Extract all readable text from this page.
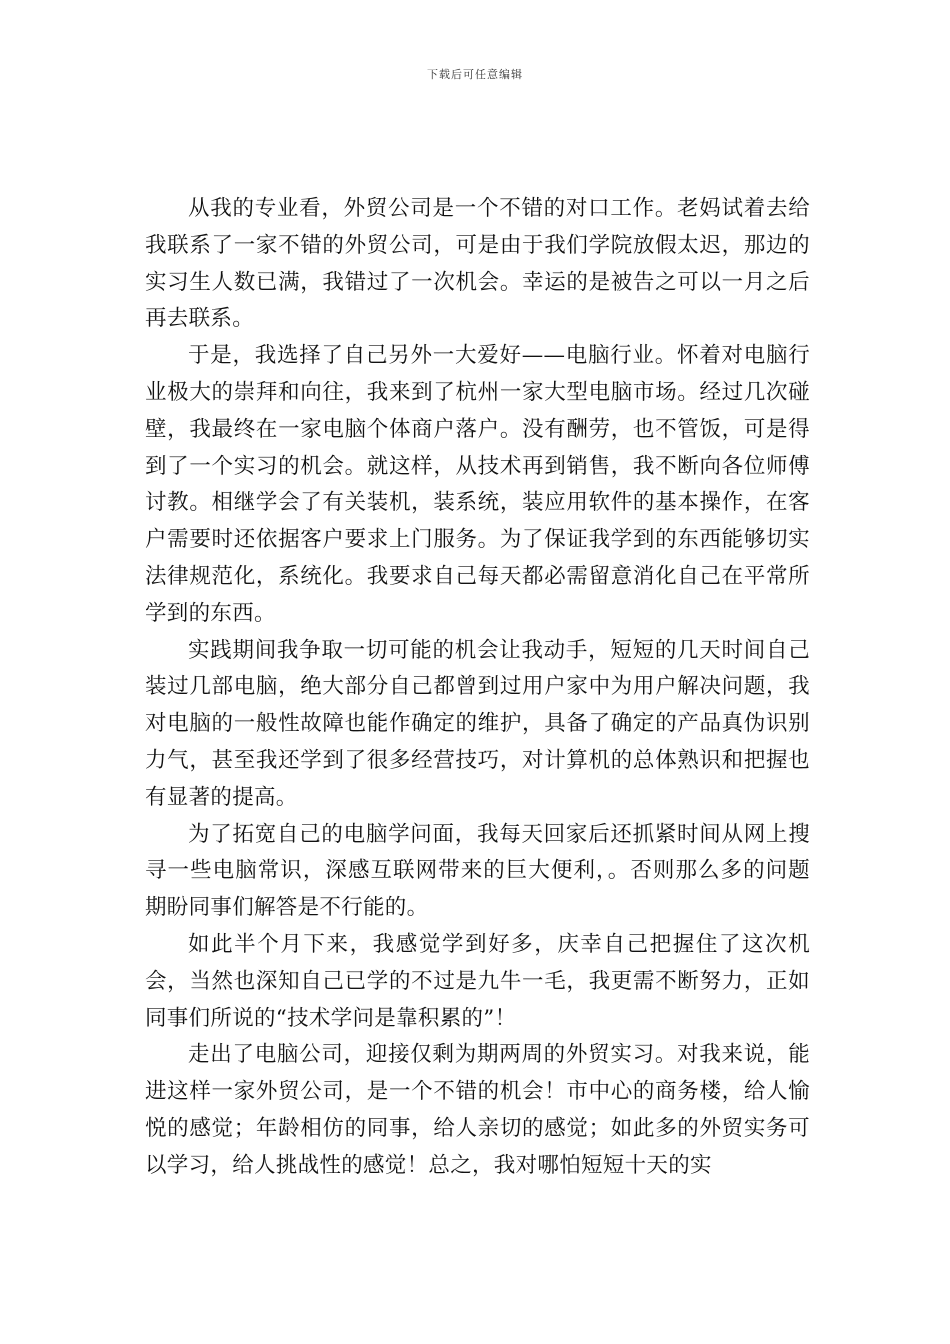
下载后可任意编辑

从我的专业看，外贸公司是一个不错的对口工作。老妈试着去给我联系了一家不错的外贸公司，可是由于我们学院放假太迟，那边的实习生人数已满，我错过了一次机会。幸运的是被告之可以一月之后再去联系。

于是，我选择了自己另外一大爱好——电脑行业。怀着对电脑行业极大的崇拜和向往，我来到了杭州一家大型电脑市场。经过几次碰壁，我最终在一家电脑个体商户落户。没有酬劳，也不管饭，可是得到了一个实习的机会。就这样，从技术再到销售，我不断向各位师傅讨教。相继学会了有关装机，装系统，装应用软件的基本操作，在客户需要时还依据客户要求上门服务。为了保证我学到的东西能够切实法律规范化，系统化。我要求自己每天都必需留意消化自己在平常所学到的东西。

实践期间我争取一切可能的机会让我动手，短短的几天时间自己装过几部电脑，绝大部分自己都曾到过用户家中为用户解决问题，我对电脑的一般性故障也能作确定的维护，具备了确定的产品真伪识别力气，甚至我还学到了很多经营技巧，对计算机的总体熟识和把握也有显著的提高。

为了拓宽自己的电脑学问面，我每天回家后还抓紧时间从网上搜寻一些电脑常识，深感互联网带来的巨大便利，。否则那么多的问题期盼同事们解答是不行能的。

如此半个月下来，我感觉学到好多，庆幸自己把握住了这次机会，当然也深知自己已学的不过是九牛一毛，我更需不断努力，正如同事们所说的“技术学问是靠积累的”！

走出了电脑公司，迎接仅剩为期两周的外贸实习。对我来说，能进这样一家外贸公司，是一个不错的机会！市中心的商务楼，给人愉悦的感觉；年龄相仿的同事，给人亲切的感觉；如此多的外贸实务可以学习，给人挑战性的感觉！总之，我对哪怕短短十天的实
